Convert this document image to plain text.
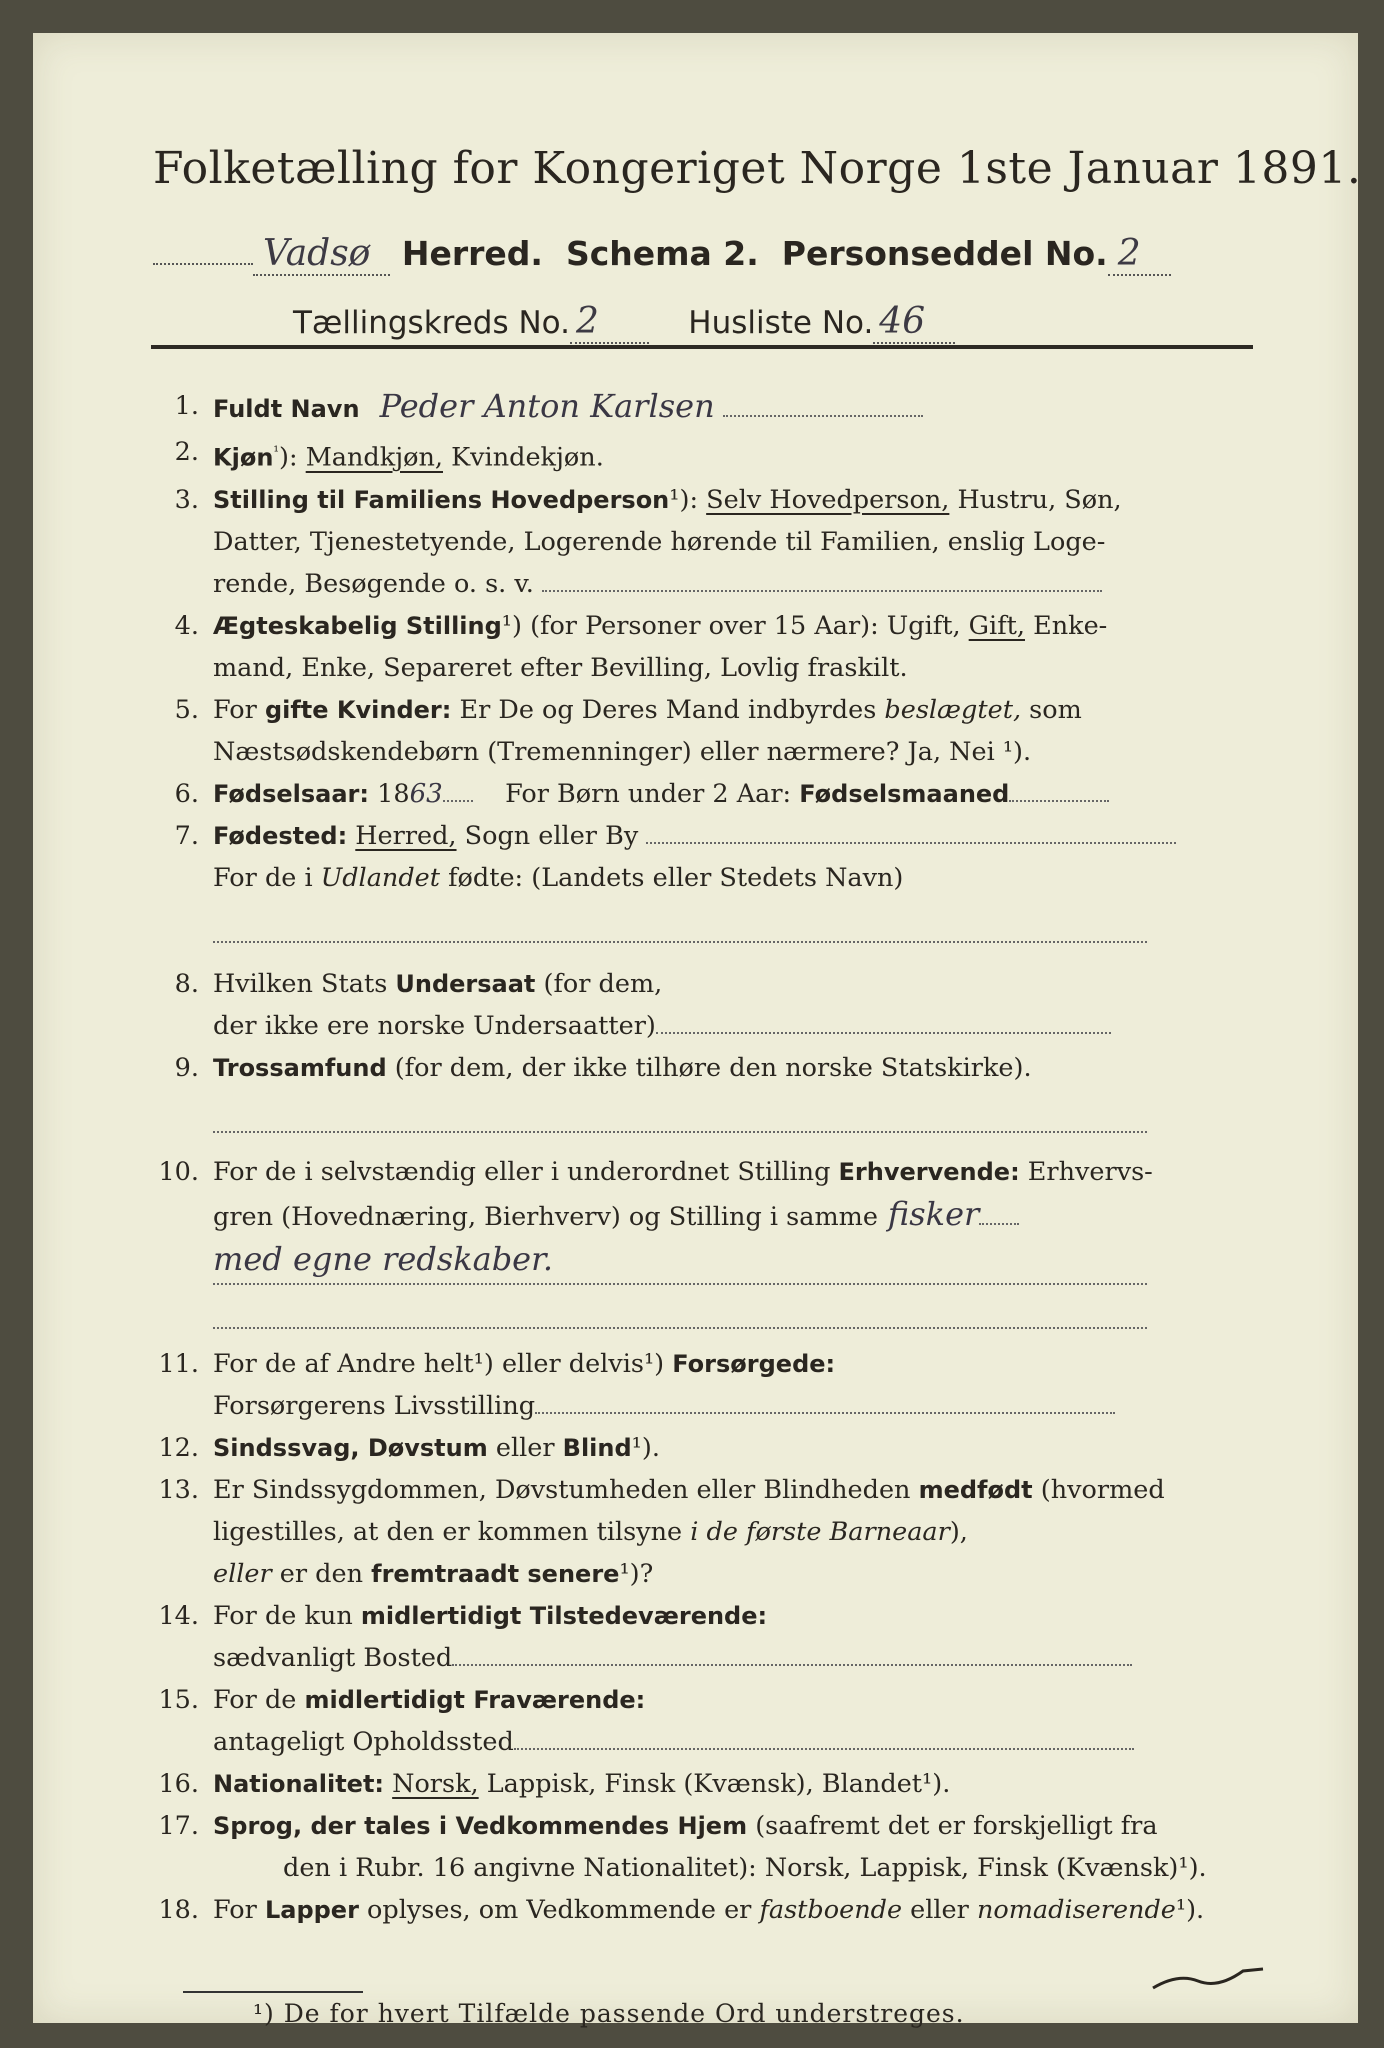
Folketælling for Kongeriget Norge 1ste Januar 1891.
Vadsø Herred. Schema 2. Personseddel No. 2
Tællingskreds No. 2	Husliste No. 46
1. Fuldt Navn Peder Anton Karlsen
2. Kjøn$^{^1}$): Mandkjøn, Kvindekjøn.
3. Stilling til Familiens Hovedperson¹): Selv Hovedperson, Hustru, Søn,
Datter, Tjenestetyende, Logerende hørende til Familien, enslig Loge-
rende, Besøgende o. s. v.
4. Ægteskabelig Stilling¹) (for Personer over 15 Aar): Ugift, Gift, Enke-
mand, Enke, Separeret efter Bevilling, Lovlig fraskilt.
5. For gifte Kvinder: Er De og Deres Mand indbyrdes beslægtet, som
Næstsødskendebørn (Tremenninger) eller nærmere? Ja, Nei ¹).
6. Fødselsaar: 1863 For Børn under 2 Aar: Fødselsmaaned
7. Fødested: Herred, Sogn eller By
For de i Udlandet fødte: (Landets eller Stedets Navn)
8. Hvilken Stats Undersaat (for dem,
der ikke ere norske Undersaatter)
9. Trossamfund (for dem, der ikke tilhøre den norske Statskirke).
10. For de i selvstændig eller i underordnet Stilling Erhvervende: Erhvervs-
gren (Hovednæring, Bierhverv) og Stilling i samme fisker
med egne redskaber.
11. For de af Andre helt¹) eller delvis¹) Forsørgede:
Forsørgerens Livsstilling
12. Sindssvag, Døvstum eller Blind¹).
13. Er Sindssygdommen, Døvstumheden eller Blindheden medfødt (hvormed
ligestilles, at den er kommen tilsyne i de første Barneaar),
eller er den fremtraadt senere¹)?
14. For de kun midlertidigt Tilstedeværende:
sædvanligt Bosted
15. For de midlertidigt Fraværende:
antageligt Opholdssted
16. Nationalitet: Norsk, Lappisk, Finsk (Kvænsk), Blandet¹).
17. Sprog, der tales i Vedkommendes Hjem (saafremt det er forskjelligt fra
den i Rubr. 16 angivne Nationalitet): Norsk, Lappisk, Finsk (Kvænsk)¹).
18. For Lapper oplyses, om Vedkommende er fastboende eller nomadiserende¹).
¹) De for hvert Tilfælde passende Ord understreges.
